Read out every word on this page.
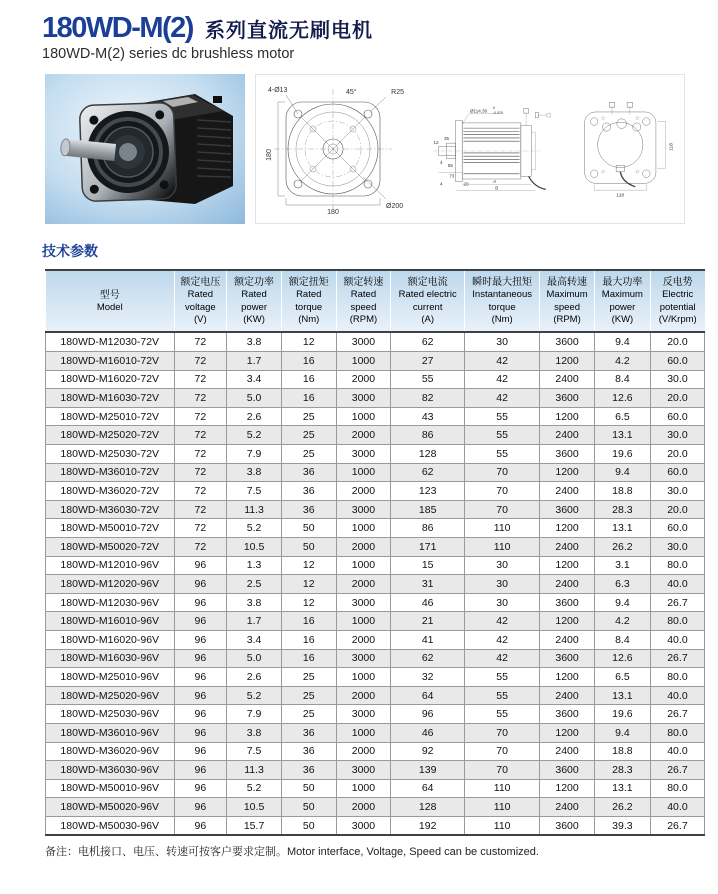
180WD-M(2) 系列直流无刷电机
180WD-M(2) series dc brushless motor
180
180
4-Ø13	45°	R25
Ø200
Ø114.30
0
-0.025
35
12
4
55
73
4	20
A
B
118
118
技术参数
型号
Model

额定电压
Rated voltage
(V)

额定功率
Rated power
(KW)

额定扭矩
Rated torque
(Nm)

额定转速
Rated speed
(RPM)

额定电流
Rated electric current
(A)

瞬时最大扭矩
Instantaneous torque
(Nm)

最高转速
Maximum speed
(RPM)

最大功率
Maximum power
(KW)

反电势
Electric potential
(V/Krpm)

180WD-M12030-72V	72	3.8	12	3000	62	30	3600	9.4	20.0
180WD-M16010-72V	72	1.7	16	1000	27	42	1200	4.2	60.0
180WD-M16020-72V	72	3.4	16	2000	55	42	2400	8.4	30.0
180WD-M16030-72V	72	5.0	16	3000	82	42	3600	12.6	20.0
180WD-M25010-72V	72	2.6	25	1000	43	55	1200	6.5	60.0
180WD-M25020-72V	72	5.2	25	2000	86	55	2400	13.1	30.0
180WD-M25030-72V	72	7.9	25	3000	128	55	3600	19.6	20.0
180WD-M36010-72V	72	3.8	36	1000	62	70	1200	9.4	60.0
180WD-M36020-72V	72	7.5	36	2000	123	70	2400	18.8	30.0
180WD-M36030-72V	72	11.3	36	3000	185	70	3600	28.3	20.0
180WD-M50010-72V	72	5.2	50	1000	86	110	1200	13.1	60.0
180WD-M50020-72V	72	10.5	50	2000	171	110	2400	26.2	30.0
180WD-M12010-96V	96	1.3	12	1000	15	30	1200	3.1	80.0
180WD-M12020-96V	96	2.5	12	2000	31	30	2400	6.3	40.0
180WD-M12030-96V	96	3.8	12	3000	46	30	3600	9.4	26.7
180WD-M16010-96V	96	1.7	16	1000	21	42	1200	4.2	80.0
180WD-M16020-96V	96	3.4	16	2000	41	42	2400	8.4	40.0
180WD-M16030-96V	96	5.0	16	3000	62	42	3600	12.6	26.7
180WD-M25010-96V	96	2.6	25	1000	32	55	1200	6.5	80.0
180WD-M25020-96V	96	5.2	25	2000	64	55	2400	13.1	40.0
180WD-M25030-96V	96	7.9	25	3000	96	55	3600	19.6	26.7
180WD-M36010-96V	96	3.8	36	1000	46	70	1200	9.4	80.0
180WD-M36020-96V	96	7.5	36	2000	92	70	2400	18.8	40.0
180WD-M36030-96V	96	11.3	36	3000	139	70	3600	28.3	26.7
180WD-M50010-96V	96	5.2	50	1000	64	110	1200	13.1	80.0
180WD-M50020-96V	96	10.5	50	2000	128	110	2400	26.2	40.0
180WD-M50030-96V	96	15.7	50	3000	192	110	3600	39.3	26.7
备注：电机接口、电压、转速可按客户要求定制。Motor interface, Voltage, Speed can be customized.
